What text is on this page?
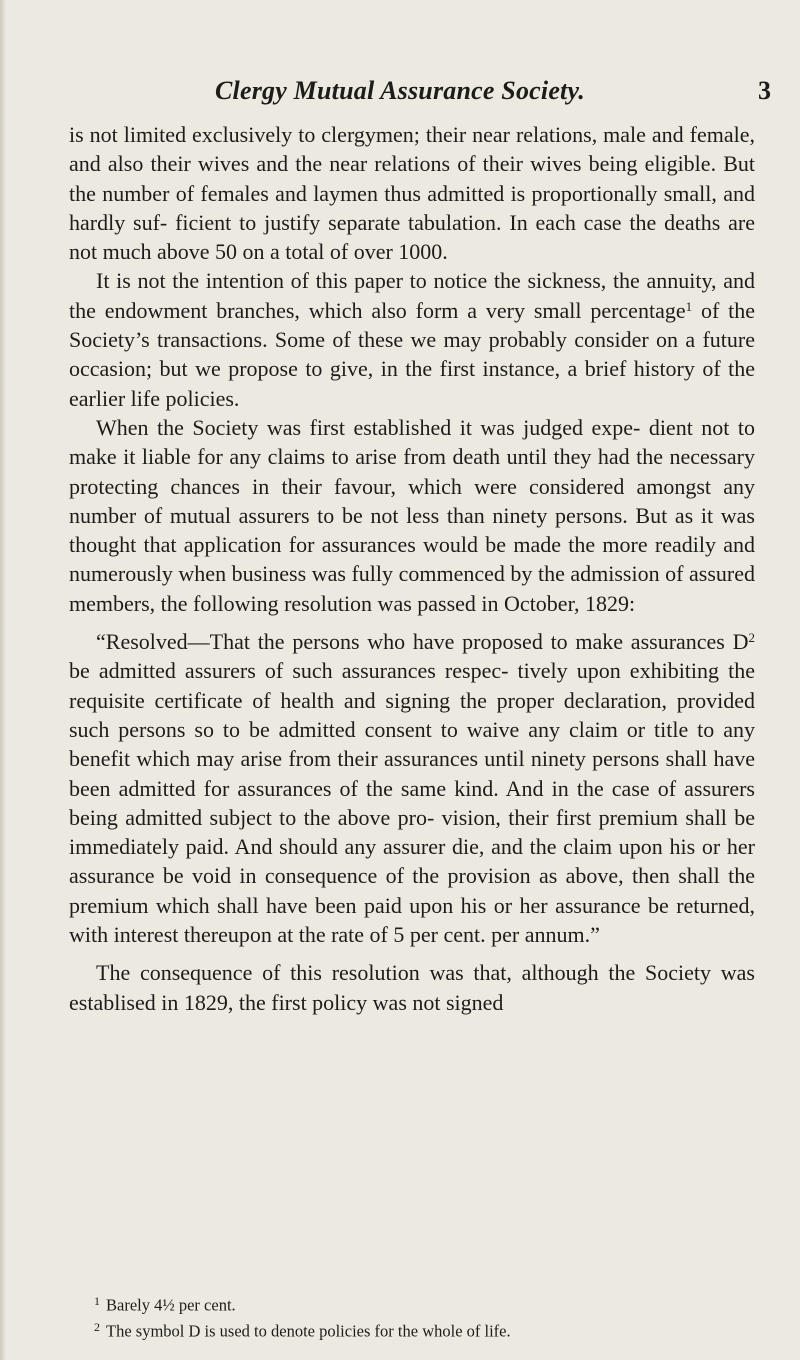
Clergy Mutual Assurance Society.	3

is not limited exclusively to clergymen; their near relations, male and female, and also their wives and the near relations of their wives being eligible. But the number of females and laymen thus admitted is proportionally small, and hardly suf- ficient to justify separate tabulation. In each case the deaths are not much above 50 on a total of over 1000.

It is not the intention of this paper to notice the sickness, the annuity, and the endowment branches, which also form a very small percentage$^1$ of the Society’s transactions. Some of these we may probably consider on a future occasion; but we propose to give, in the first instance, a brief history of the earlier life policies.

When the Society was first established it was judged expe- dient not to make it liable for any claims to arise from death until they had the necessary protecting chances in their favour, which were considered amongst any number of mutual assurers to be not less than ninety persons. But as it was thought that application for assurances would be made the more readily and numerously when business was fully commenced by the admission of assured members, the following resolution was passed in October, 1829:

“Resolved—That the persons who have proposed to make assurances $D^2$ be admitted assurers of such assurances respec- tively upon exhibiting the requisite certificate of health and signing the proper declaration, provided such persons so to be admitted consent to waive any claim or title to any benefit which may arise from their assurances until ninety persons shall have been admitted for assurances of the same kind. And in the case of assurers being admitted subject to the above pro- vision, their first premium shall be immediately paid. And should any assurer die, and the claim upon his or her assurance be void in consequence of the provision as above, then shall the premium which shall have been paid upon his or her assurance be returned, with interest thereupon at the rate of 5 per cent. per annum.”

The consequence of this resolution was that, although the Society was establised in 1829, the first policy was not signed

$^1$ Barely 4½ per cent.

$^2$ The symbol D is used to denote policies for the whole of life.
